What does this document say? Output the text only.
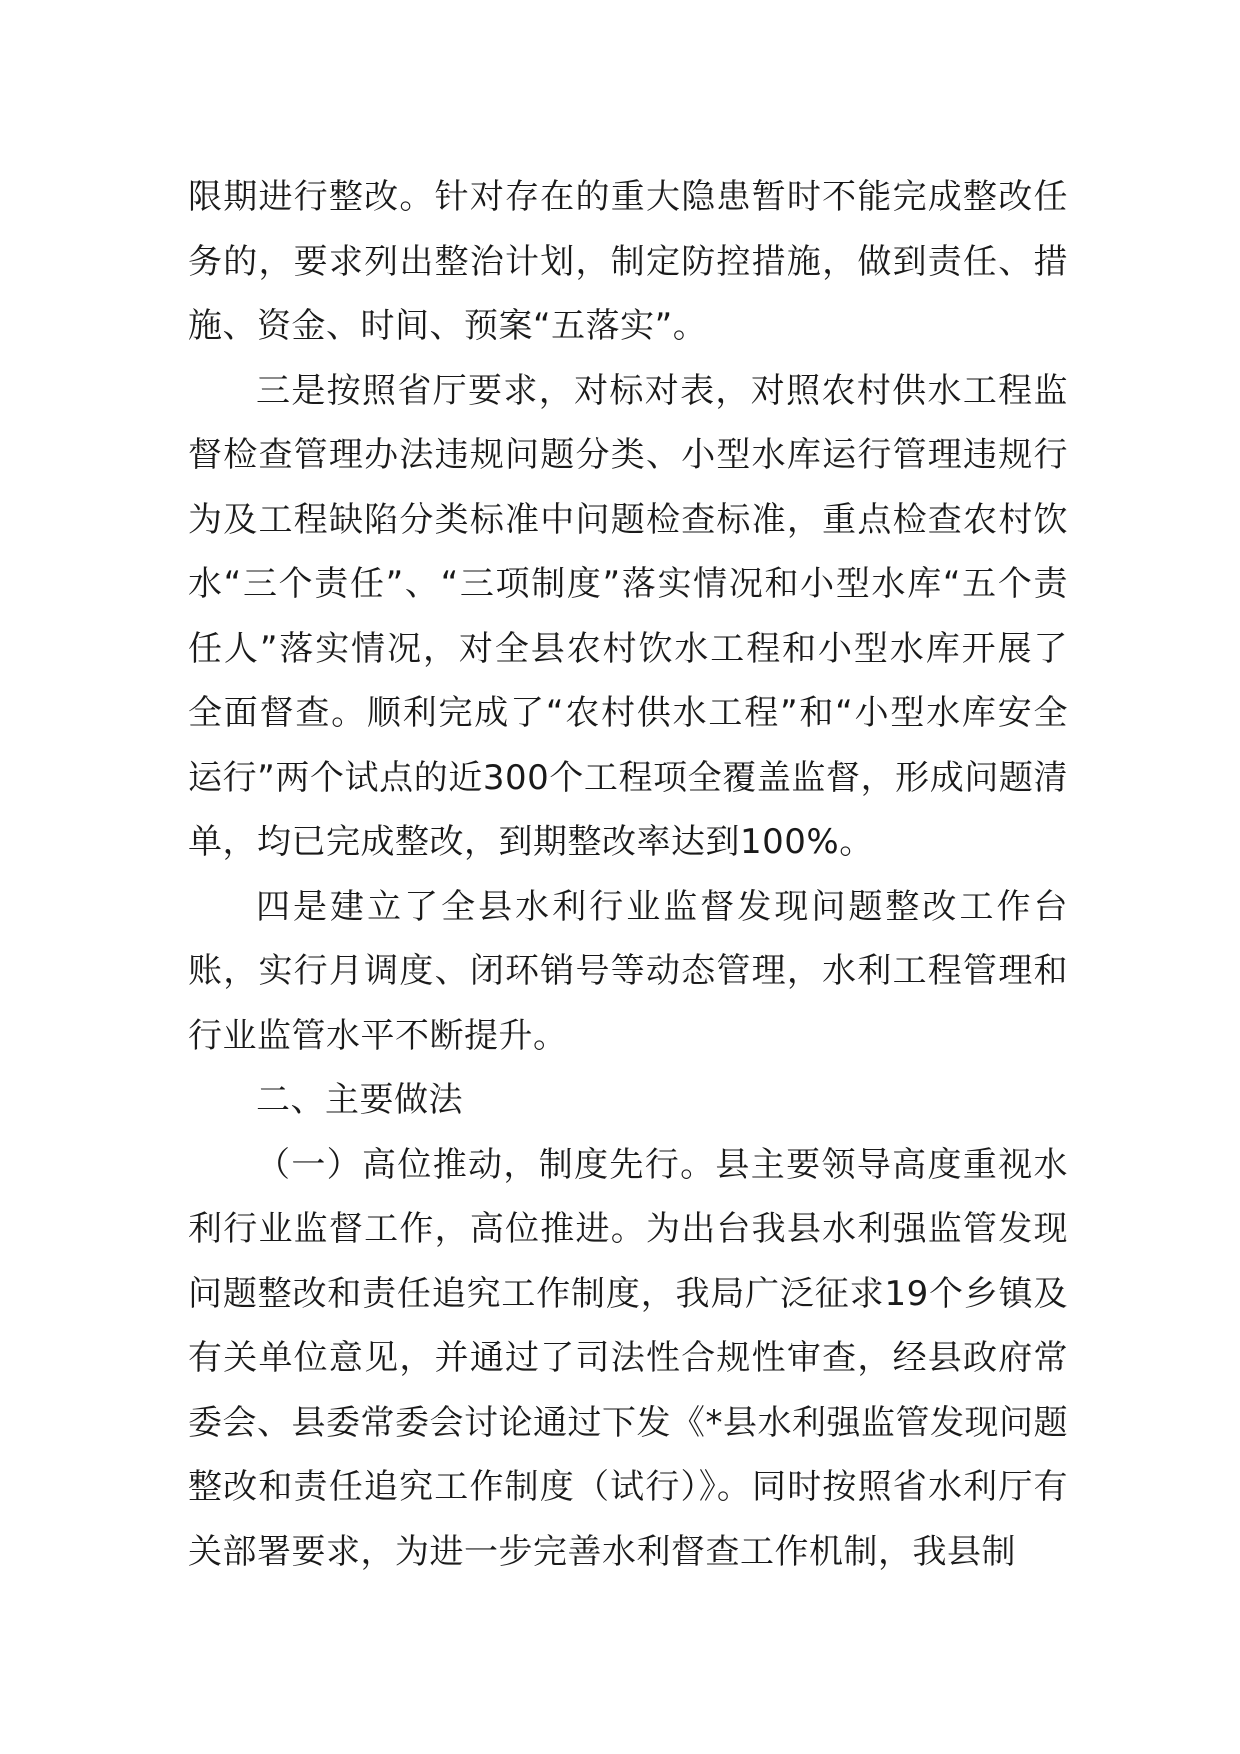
限期进行整改。针对存在的重大隐患暂时不能完成整改任务的，要求列出整治计划，制定防控措施，做到责任、措施、资金、时间、预案“五落实”。

三是按照省厅要求，对标对表，对照农村供水工程监督检查管理办法违规问题分类、小型水库运行管理违规行为及工程缺陷分类标准中问题检查标准，重点检查农村饮水“三个责任”、“三项制度”落实情况和小型水库“五个责任人”落实情况，对全县农村饮水工程和小型水库开展了全面督查。顺利完成了“农村供水工程”和“小型水库安全运行”两个试点的近300个工程项全覆盖监督，形成问题清单，均已完成整改，到期整改率达到100%。

四是建立了全县水利行业监督发现问题整改工作台账，实行月调度、闭环销号等动态管理，水利工程管理和行业监管水平不断提升。

二、主要做法

（一）高位推动，制度先行。县主要领导高度重视水利行业监督工作，高位推进。为出台我县水利强监管发现问题整改和责任追究工作制度，我局广泛征求19个乡镇及有关单位意见，并通过了司法性合规性审查，经县政府常委会、县委常委会讨论通过下发《*县水利强监管发现问题整改和责任追究工作制度（试行）》。同时按照省水利厅有关部署要求，为进一步完善水利督查工作机制，我县制
